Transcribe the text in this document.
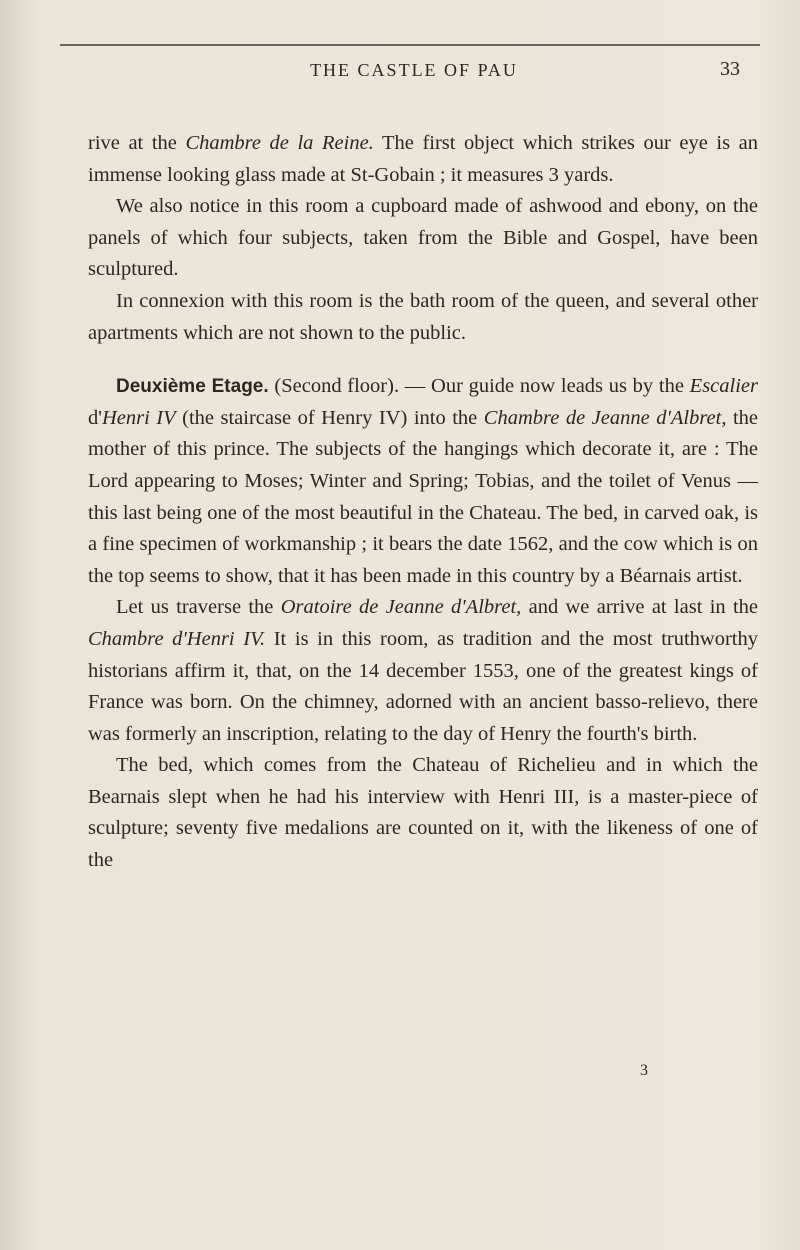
THE CASTLE OF PAU	33

rive at the Chambre de la Reine. The first object which strikes our eye is an immense looking glass made at St-Gobain ; it measures 3 yards.

We also notice in this room a cupboard made of ashwood and ebony, on the panels of which four subjects, taken from the Bible and Gospel, have been sculptured.

In connexion with this room is the bath room of the queen, and several other apartments which are not shown to the public.

Deuxième Etage. (Second floor). — Our guide now leads us by the Escalier d'Henri IV (the staircase of Henry IV) into the Chambre de Jeanne d'Albret, the mother of this prince. The subjects of the hangings which decorate it, are : The Lord appearing to Moses; Winter and Spring; Tobias, and the toilet of Venus — this last being one of the most beautiful in the Chateau. The bed, in carved oak, is a fine specimen of workmanship ; it bears the date 1562, and the cow which is on the top seems to show, that it has been made in this country by a Béarnais artist.

Let us traverse the Oratoire de Jeanne d'Albret, and we arrive at last in the Chambre d'Henri IV. It is in this room, as tradition and the most truthworthy historians affirm it, that, on the 14 december 1553, one of the greatest kings of France was born. On the chimney, adorned with an ancient basso-relievo, there was formerly an inscription, relating to the day of Henry the fourth's birth.

The bed, which comes from the Chateau of Richelieu and in which the Bearnais slept when he had his interview with Henri III, is a master-piece of sculpture; seventy five medalions are counted on it, with the likeness of one of the

3
